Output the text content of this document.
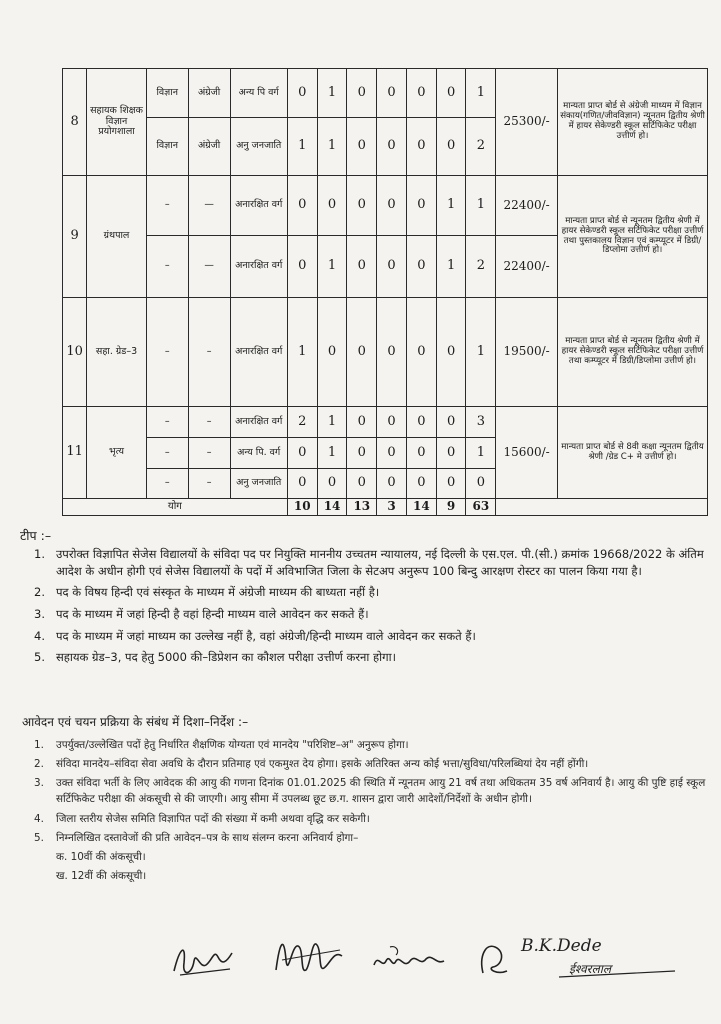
8	सहायक शिक्षक विज्ञान प्रयोगशाला	विज्ञान	अंग्रेजी	अन्य पि वर्ग	0	1	0	0	0	0	1	25300/-	मान्यता प्राप्त बोर्ड से अंग्रेजी माध्यम में विज्ञान संकाय(गणित/जीवविज्ञान) न्यूनतम द्वितीय श्रेणी में हायर सेकेण्डरी स्कूल सर्टिफिकेट परीक्षा उत्तीर्ण हो।
		विज्ञान	अंग्रेजी	अनु जनजाति	1	1	0	0	0	0	2		
9	ग्रंथपाल	–	—	अनारक्षित वर्ग	0	0	0	0	0	1	1	22400/-	मान्यता प्राप्त बोर्ड से न्यूनतम द्वितीय श्रेणी में हायर सेकेण्डरी स्कूल सर्टिफिकेट परीक्षा उत्तीर्ण तथा पुस्तकालय विज्ञान एवं कम्प्यूटर में डिग्री/डिप्लोमा उत्तीर्ण हो।
		–	—	अनारक्षित वर्ग	0	1	0	0	0	1	2	22400/-	
10	सहा. ग्रेड–3	–	–	अनारक्षित वर्ग	1	0	0	0	0	0	1	19500/-	मान्यता प्राप्त बोर्ड से न्यूनतम द्वितीय श्रेणी में हायर सेकेण्डरी स्कूल सर्टिफिकेट परीक्षा उत्तीर्ण तथा कम्प्यूटर में डिग्री/डिप्लोमा उत्तीर्ण हो।
11	भृत्य	–	–	अनारक्षित वर्ग	2	1	0	0	0	0	3	15600/-	मान्यता प्राप्त बोर्ड से 8वी कक्षा न्यूनतम द्वितीय श्रेणी /ग्रेड C+ मे उत्तीर्ण हो।
		–	–	अन्य पि. वर्ग	0	1	0	0	0	0	1		
		–	–	अनु जनजाति	0	0	0	0	0	0	0		
योग					10	14	13	3	14	9	63		
टीप :–
1. उपरोक्त विज्ञापित सेजेस विद्यालयों के संविदा पद पर नियुक्ति माननीय उच्चतम न्यायालय, नई दिल्ली के एस.एल. पी.(सी.) क्रमांक 19668/2022 के अंतिम आदेश के अधीन होगी एवं सेजेस विद्यालयों के पदों में अविभाजित जिला के सेटअप अनुरूप 100 बिन्दु आरक्षण रोस्टर का पालन किया गया है।
2. पद के विषय हिन्दी एवं संस्कृत के माध्यम में अंग्रेजी माध्यम की बाध्यता नहीं है।
3. पद के माध्यम में जहां हिन्दी है वहां हिन्दी माध्यम वाले आवेदन कर सकते हैं।
4. पद के माध्यम में जहां माध्यम का उल्लेख नहीं है, वहां अंग्रेजी/हिन्दी माध्यम वाले आवेदन कर सकते हैं।
5. सहायक ग्रेड–3, पद हेतु 5000 की–डिप्रेशन का कौशल परीक्षा उत्तीर्ण करना होगा।
आवेदन एवं चयन प्रक्रिया के संबंध में दिशा–निर्देश :–
1.	उपर्युक्त/उल्लेखित पदों हेतु निर्धारित शैक्षणिक योग्यता एवं मानदेय "परिशिष्ट–अ" अनुरूप होगा।
2.	संविदा मानदेय–संविदा सेवा अवधि के दौरान प्रतिमाह एवं एकमुश्त देय होगा। इसके अतिरिक्त अन्य कोई भत्ता/सुविधा/परिलब्धियां देय नहीं होंगी।
3.	उक्त संविदा भर्ती के लिए आवेदक की आयु की गणना दिनांक 01.01.2025 की स्थिति में न्यूनतम आयु 21 वर्ष तथा अधिकतम 35 वर्ष अनिवार्य है। आयु की पुष्टि हाई स्कूल सर्टिफिकेट परीक्षा की अंकसूची से की जाएगी। आयु सीमा में उपलब्ध छूट छ.ग. शासन द्वारा जारी आदेशों/निर्देशों के अधीन होगी।
4.	जिला स्तरीय सेजेस समिति विज्ञापित पदों की संख्या में कमी अथवा वृद्धि कर सकेगी।
5.	निम्नलिखित दस्तावेजों की प्रति आवेदन–पत्र के साथ संलग्न करना अनिवार्य होगा–
क. 10वीं की अंकसूची।
ख. 12वीं की अंकसूची।
B.K.Dede
ईश्वरलाल
